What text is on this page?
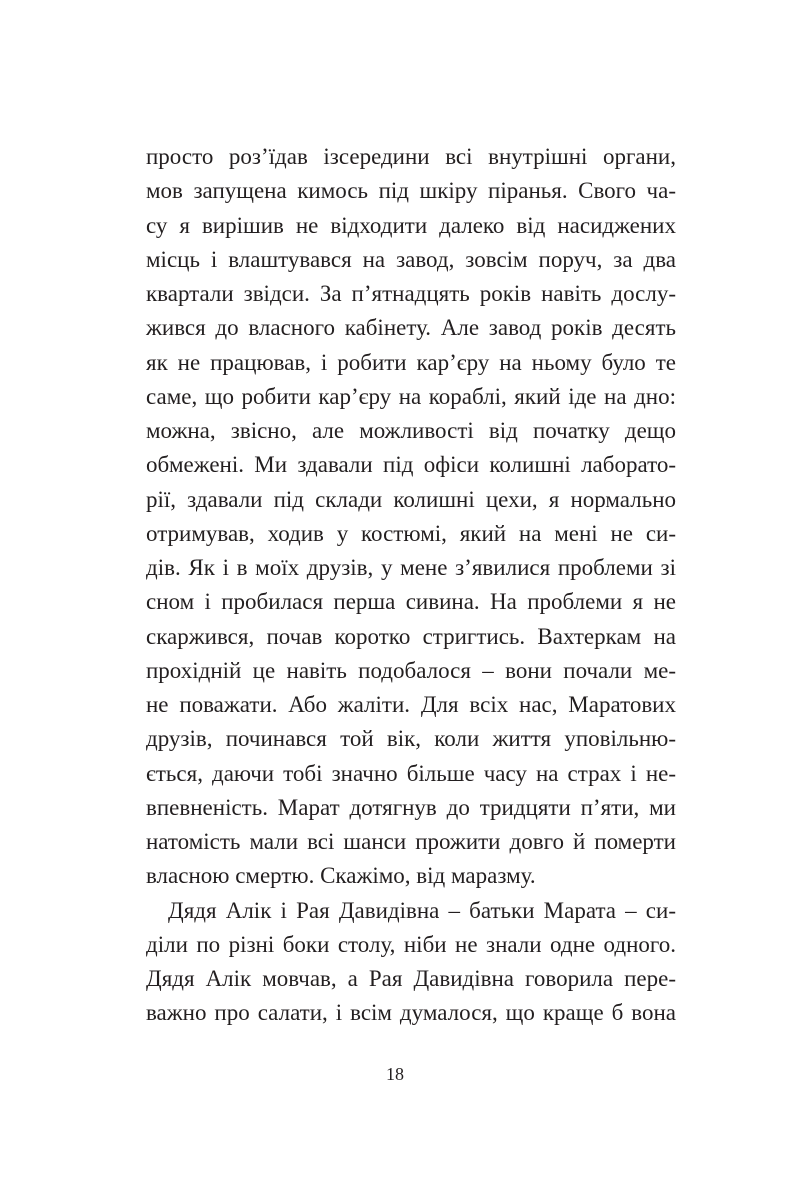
просто роз’їдав ізсередини всі внутрішні органи,
мов запущена кимось під шкіру піранья. Свого ча-
су я вирішив не відходити далеко від насиджених
місць і влаштувався на завод, зовсім поруч, за два
квартали звідси. За п’ятнадцять років навіть дослу-
жився до власного кабінету. Але завод років десять
як не працював, і робити кар’єру на ньому було те
саме, що робити кар’єру на кораблі, який іде на дно:
можна, звісно, але можливості від початку дещо
обмежені. Ми здавали під офіси колишні лаборато-
рії, здавали під склади колишні цехи, я нормально
отримував, ходив у костюмі, який на мені не си-
дів. Як і в моїх друзів, у мене з’явилися проблеми зі
сном і пробилася перша сивина. На проблеми я не
скаржився, почав коротко стригтись. Вахтеркам на
прохідній це навіть подобалося – вони почали ме-
не поважати. Або жаліти. Для всіх нас, Маратових
друзів, починався той вік, коли життя уповільню-
ється, даючи тобі значно більше часу на страх і не-
впевненість. Марат дотягнув до тридцяти п’яти, ми
натомість мали всі шанси прожити довго й померти
власною смертю. Скажімо, від маразму.
Дядя Алік і Рая Давидівна – батьки Марата – си-
діли по різні боки столу, ніби не знали одне одного.
Дядя Алік мовчав, а Рая Давидівна говорила пере-
важно про салати, і всім думалося, що краще б вона
18
